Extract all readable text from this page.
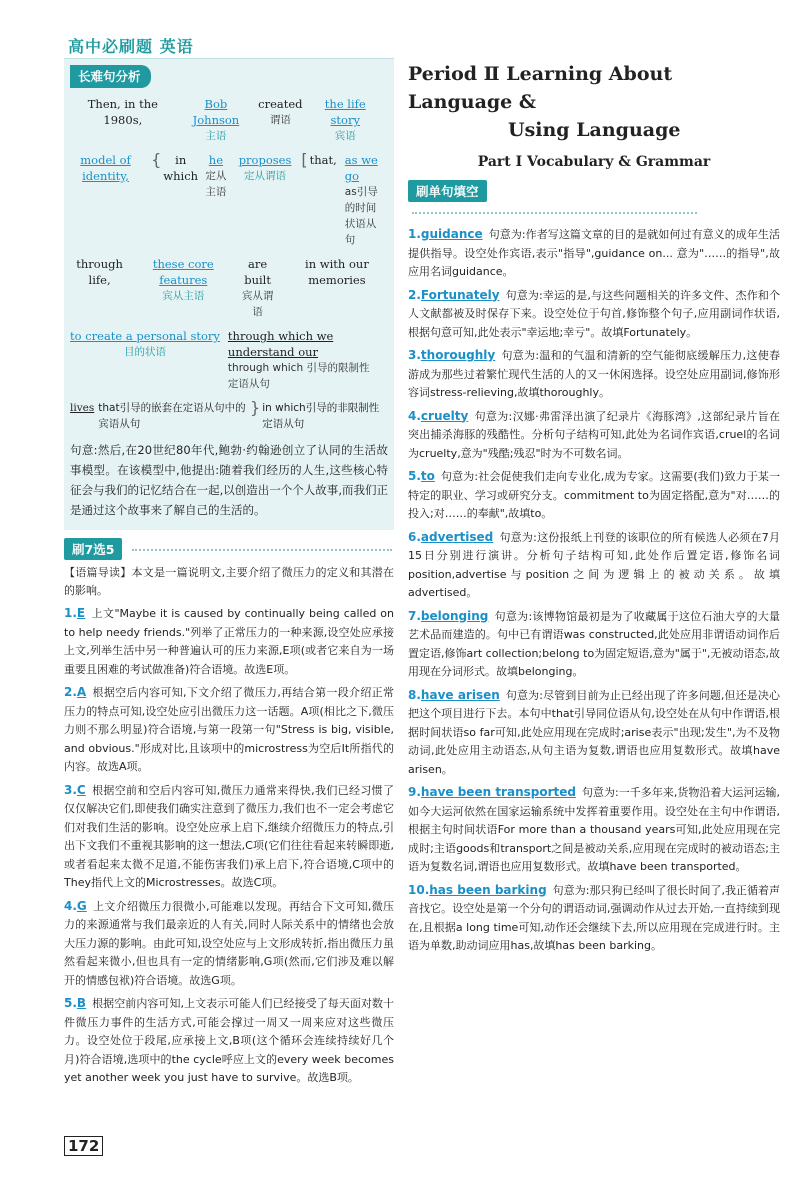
高中必刷题 英语
长难句分析
Then, in the 1980s,
Bob Johnson
主语
created
谓语
the life story
宾语
model of identity,
{	in which
he
定从主语
proposes
定从谓语
[ that, as we go
as引导的时间状语从句
through life,
these core features
宾从主语
are built
宾从谓语
in with our memories
to create a personal story
目的状语
through which we understand our
through which 引导的限制性定语从句
lives that引导的嵌套在定语从句中的宾语从句
} in which引导的非限制性定语从句
句意:然后,在20世纪80年代,鲍勃·约翰逊创立了认同的生活故事模型。在该模型中,他提出:随着我们经历的人生,这些核心特征会与我们的记忆结合在一起,以创造出一个个人故事,而我们正是通过这个故事来了解自己的生活的。
刷7选5
【语篇导读】本文是一篇说明文,主要介绍了微压力的定义和其潜在的影响。
1.E 上文"Maybe it is caused by continually being called on to help needy friends."列举了正常压力的一种来源,设空处应承接上文,列举生活中另一种普遍认可的压力来源,E项(或者它来自为一场重要且困难的考试做准备)符合语境。故选E项。
2.A 根据空后内容可知,下文介绍了微压力,再结合第一段介绍正常压力的特点可知,设空处应引出微压力这一话题。A项(相比之下,微压力则不那么明显)符合语境,与第一段第一句"Stress is big, visible, and obvious."形成对比,且该项中的microstress为空后It所指代的内容。故选A项。
3.C 根据空前和空后内容可知,微压力通常来得快,我们已经习惯了仅仅解决它们,即使我们确实注意到了微压力,我们也不一定会考虑它们对我们生活的影响。设空处应承上启下,继续介绍微压力的特点,引出下文我们不重视其影响的这一想法,C项(它们往往看起来转瞬即逝,或者看起来太微不足道,不能伤害我们)承上启下,符合语境,C项中的They指代上文的Microstresses。故选C项。
4.G 上文介绍微压力很微小,可能难以发现。再结合下文可知,微压力的来源通常与我们最亲近的人有关,同时人际关系中的情绪也会放大压力源的影响。由此可知,设空处应与上文形成转折,指出微压力虽然看起来微小,但也具有一定的情绪影响,G项(然而,它们涉及难以解开的情感包袱)符合语境。故选G项。
5.B 根据空前内容可知,上文表示可能人们已经接受了每天面对数十件微压力事件的生活方式,可能会撑过一周又一周来应对这些微压力。设空处位于段尾,应承接上文,B项(这个循环会连续持续好几个月)符合语境,选项中的the cycle呼应上文的every week becomes yet another week you just have to survive。故选B项。
Period Ⅱ Learning About Language &
Using Language
Part Ⅰ Vocabulary & Grammar
刷单句填空
1.guidance 句意为:作者写这篇文章的目的是就如何过有意义的成年生活提供指导。设空处作宾语,表示"指导",guidance on... 意为"……的指导",故应用名词guidance。
2.Fortunately 句意为:幸运的是,与这些问题相关的许多文件、杰作和个人文献都被及时保存下来。设空处位于句首,修饰整个句子,应用副词作状语,根据句意可知,此处表示"幸运地;幸亏"。故填Fortunately。
3.thoroughly 句意为:温和的气温和清新的空气能彻底缓解压力,这使春游成为那些过着繁忙现代生活的人的又一休闲选择。设空处应用副词,修饰形容词stress-relieving,故填thoroughly。
4.cruelty 句意为:汉娜·弗雷泽出演了纪录片《海豚湾》,这部纪录片旨在突出捕杀海豚的残酷性。分析句子结构可知,此处为名词作宾语,cruel的名词为cruelty,意为"残酷;残忍"时为不可数名词。
5.to 句意为:社会促使我们走向专业化,成为专家。这需要(我们)致力于某一特定的职业、学习或研究分支。commitment to为固定搭配,意为"对……的投入;对……的奉献",故填to。
6.advertised 句意为:这份报纸上刊登的该职位的所有候选人必须在7月15日分别进行演讲。分析句子结构可知,此处作后置定语,修饰名词position,advertise与position之间为逻辑上的被动关系。故填advertised。
7.belonging 句意为:该博物馆最初是为了收藏属于这位石油大亨的大量艺术品而建造的。句中已有谓语was constructed,此处应用非谓语动词作后置定语,修饰art collection;belong to为固定短语,意为"属于",无被动语态,故用现在分词形式。故填belonging。
8.have arisen 句意为:尽管到目前为止已经出现了许多问题,但还是决心把这个项目进行下去。本句中that引导同位语从句,设空处在从句中作谓语,根据时间状语so far可知,此处应用现在完成时;arise表示"出现;发生",为不及物动词,此处应用主动语态,从句主语为复数,谓语也应用复数形式。故填have arisen。
9.have been transported 句意为:一千多年来,货物沿着大运河运输,如今大运河依然在国家运输系统中发挥着重要作用。设空处在主句中作谓语,根据主句时间状语For more than a thousand years可知,此处应用现在完成时;主语goods和transport之间是被动关系,应用现在完成时的被动语态;主语为复数名词,谓语也应用复数形式。故填have been transported。
10.has been barking 句意为:那只狗已经叫了很长时间了,我正循着声音找它。设空处是第一个分句的谓语动词,强调动作从过去开始,一直持续到现在,且根据a long time可知,动作还会继续下去,所以应用现在完成进行时。主语为单数,助动词应用has,故填has been barking。
172
